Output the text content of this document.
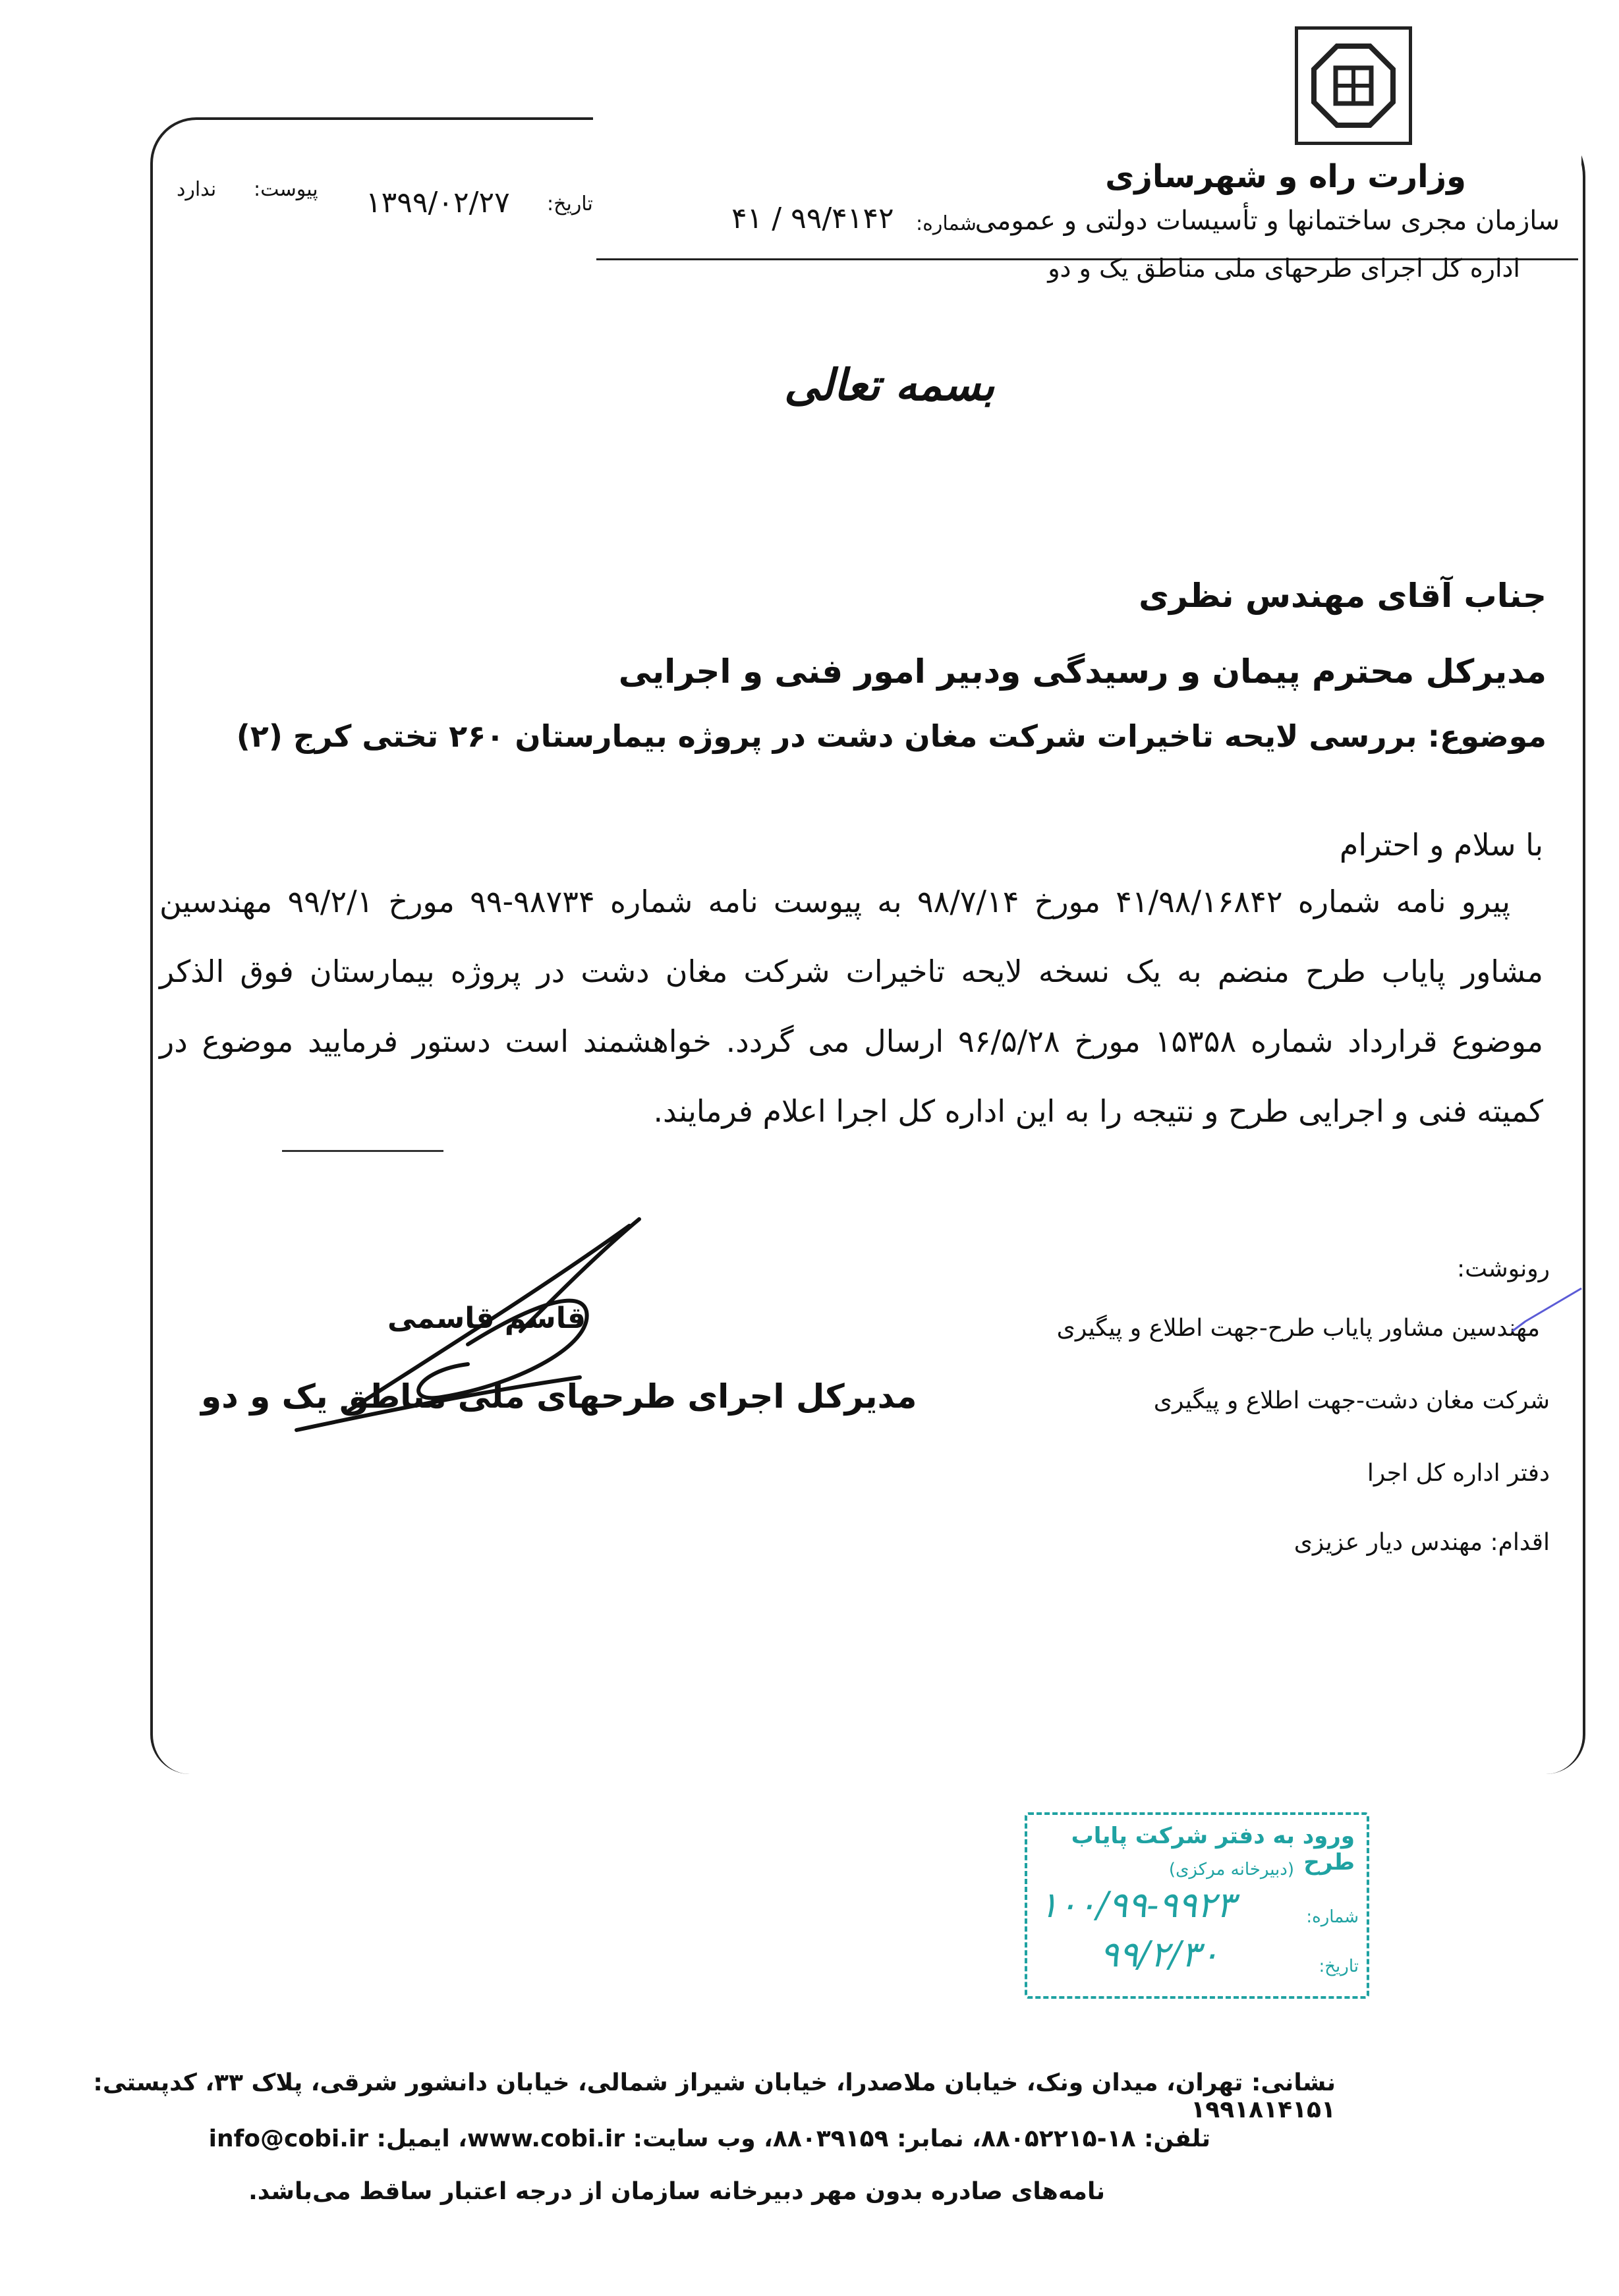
وزارت راه و شهرسازی
سازمان مجری ساختمانها و تأسیسات دولتی و عمومی
اداره کل اجرای طرحهای ملی مناطق یک و دو
شماره:
۴۱ / ۹۹/۴۱۴۲
تاریخ:
۱۳۹۹/۰۲/۲۷
پیوست:
ندارد
بسمه تعالی
جناب آقای مهندس نظری
مدیرکل محترم پیمان و رسیدگی ودبیر امور فنی و اجرایی
موضوع: بررسی لایحه تاخیرات شرکت مغان دشت در پروژه بیمارستان ۲۶۰ تختی کرج (۲)
با سلام و احترام
پیرو نامه شماره ۴۱/۹۸/۱۶۸۴۲ مورخ ۹۸/۷/۱۴ به پیوست نامه شماره ۹۸۷۳۴-۹۹ مورخ ۹۹/۲/۱ مهندسین مشاور پایاب طرح منضم به یک نسخه لایحه تاخیرات شرکت مغان دشت در پروژه بیمارستان فوق الذکر موضوع قرارداد شماره ۱۵۳۵۸ مورخ ۹۶/۵/۲۸ ارسال می گردد. خواهشمند است دستور فرمایید موضوع در کمیته فنی و اجرایی طرح و نتیجه را به این اداره کل اجرا اعلام فرمایند.
رونوشت:
مهندسین مشاور پایاب طرح-جهت اطلاع و پیگیری
شرکت مغان دشت-جهت اطلاع و پیگیری
دفتر اداره کل اجرا
اقدام: مهندس دیار عزیزی
قاسم قاسمی
مدیرکل اجرای طرحهای ملی مناطق یک و دو
ورود به دفتر شرکت پایاب طرح
(دبیرخانه مرکزی)
شماره:
۱۰۰/۹۹-۹۹۲۳
تاریخ:
۹۹/۲/۳۰
نشانی: تهران، میدان ونک، خیابان ملاصدرا، خیابان شیراز شمالی، خیابان دانشور شرقی، پلاک ۳۳، کدپستی: ۱۹۹۱۸۱۴۱۵۱
تلفن: ۱۸-۸۸۰۵۲۲۱۵، نمابر: ۸۸۰۳۹۱۵۹، وب سایت: www.cobi.ir، ایمیل: info@cobi.ir
نامه‌های صادره بدون مهر دبیرخانه سازمان از درجه اعتبار ساقط می‌باشد.
